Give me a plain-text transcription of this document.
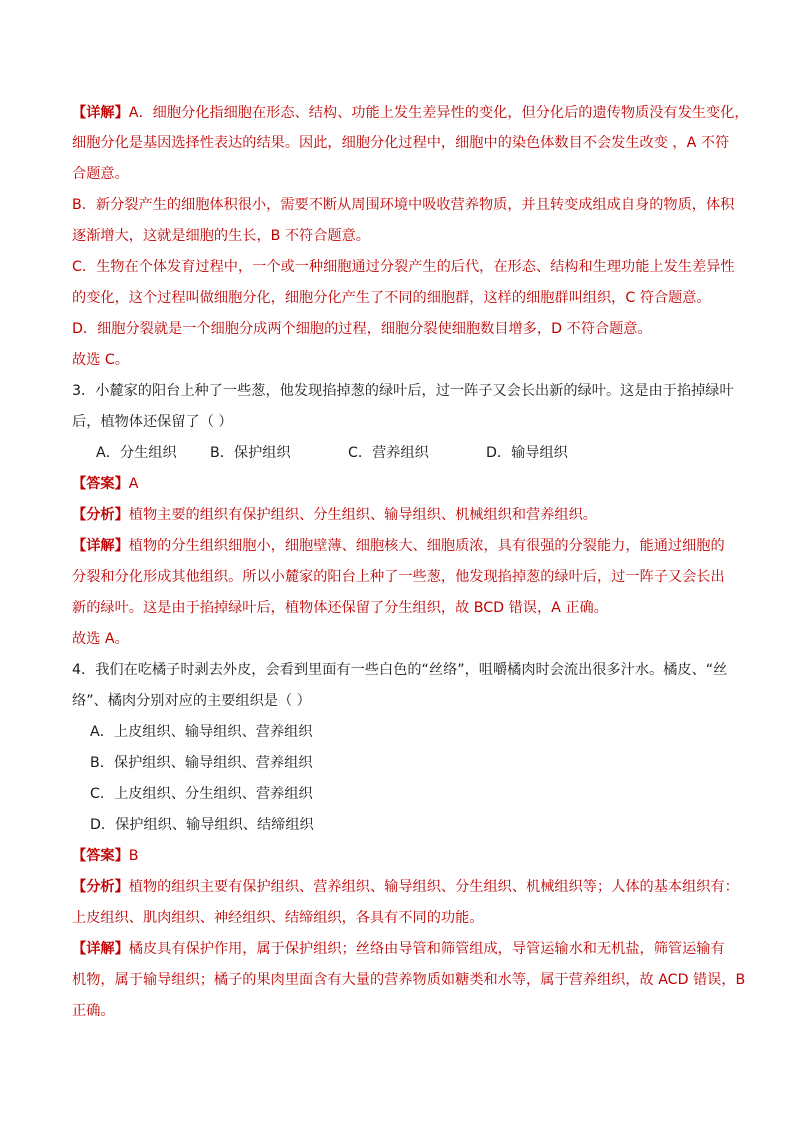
【详解】A．细胞分化指细胞在形态、结构、功能上发生差异性的变化，但分化后的遗传物质没有发生变化，
细胞分化是基因选择性表达的结果。因此，细胞分化过程中，细胞中的染色体数目不会发生改变 ，A 不符
合题意。
B．新分裂产生的细胞体积很小，需要不断从周围环境中吸收营养物质，并且转变成组成自身的物质，体积
逐渐增大，这就是细胞的生长，B 不符合题意。
C．生物在个体发育过程中，一个或一种细胞通过分裂产生的后代，在形态、结构和生理功能上发生差异性
的变化，这个过程叫做细胞分化，细胞分化产生了不同的细胞群，这样的细胞群叫组织，C 符合题意。
D．细胞分裂就是一个细胞分成两个细胞的过程，细胞分裂使细胞数目增多，D 不符合题意。
故选 C。
3．小麓家的阳台上种了一些葱，他发现掐掉葱的绿叶后，过一阵子又会长出新的绿叶。这是由于掐掉绿叶
后，植物体还保留了（ ）
A．分生组织 B．保护组织	C．营养组织	D．输导组织
【答案】A
【分析】植物主要的组织有保护组织、分生组织、输导组织、机械组织和营养组织。
【详解】植物的分生组织细胞小，细胞壁薄、细胞核大、细胞质浓，具有很强的分裂能力，能通过细胞的
分裂和分化形成其他组织。所以小麓家的阳台上种了一些葱，他发现掐掉葱的绿叶后，过一阵子又会长出
新的绿叶。这是由于掐掉绿叶后，植物体还保留了分生组织，故 BCD 错误，A 正确。
故选 A。
4．我们在吃橘子时剥去外皮，会看到里面有一些白色的“丝络”，咀嚼橘肉时会流出很多汁水。橘皮、“丝
络”、橘肉分别对应的主要组织是（ ）
A．上皮组织、输导组织、营养组织
B．保护组织、输导组织、营养组织
C．上皮组织、分生组织、营养组织
D．保护组织、输导组织、结缔组织
【答案】B
【分析】植物的组织主要有保护组织、营养组织、输导组织、分生组织、机械组织等；人体的基本组织有：
上皮组织、肌肉组织、神经组织、结缔组织，各具有不同的功能。
【详解】橘皮具有保护作用，属于保护组织；丝络由导管和筛管组成，导管运输水和无机盐，筛管运输有
机物，属于输导组织；橘子的果肉里面含有大量的营养物质如糖类和水等，属于营养组织，故 ACD 错误，B
正确。
